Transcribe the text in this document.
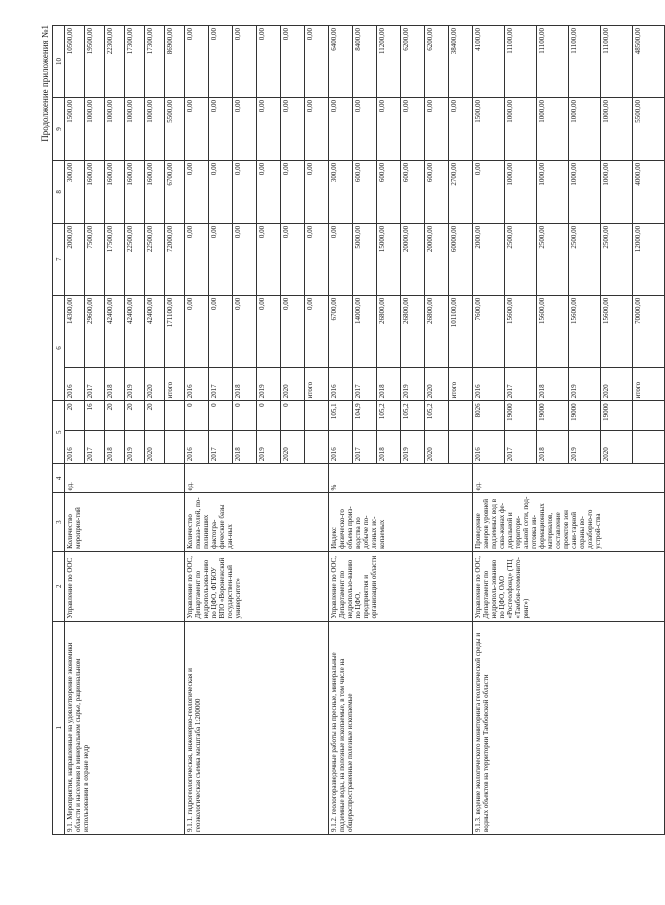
Продолжение приложения №1
1	2	3	4	5		6		7	8	9	10
9.1. Мероприятия, направленные на удовлетворение экономики области и населения в минеральном сырье, рациональном использовании в охране недр	Управление по ООС	Количество мероприя-тий	ед.	2016	20	2016	14300,00	2000,00	300,00	1500,00	10500,00
				2017	16	2017	29600,00	7500,00	1600,00	1000,00	19500,00
				2018	20	2018	42400,00	17500,00	1600,00	1000,00	22300,00
				2019	20	2019	42400,00	22500,00	1600,00	1000,00	17300,00
				2020	20	2020	42400,00	22500,00	1600,00	1000,00	17300,00
						итого	171100,00	72000,00	6700,00	5500,00	86900,00
9.1.1. гидрогеологическая, инженерно-геологическая и геоэкологическая съемка масштаба 1:200000	Управление по ООС, Департамент по недропользова-нию по ЦФО, ФГБОУ ВПО «Воронежский государствен-ный университет»	Количество показа-телей, по-полнивших фактогра-фические базы дан-ных	ед.	2016	0	2016	0,00	0,00	0,00	0,00	0,00
				2017	0	2017	0,00	0,00	0,00	0,00	0,00
				2018	0	2018	0,00	0,00	0,00	0,00	0,00
				2019	0	2019	0,00	0,00	0,00	0,00	0,00
				2020	0	2020	0,00	0,00	0,00	0,00	0,00
						итого	0,00	0,00	0,00	0,00	0,00
9.1.2. геологоразведочные работы на пресные, минеральные подземные воды, на полезные ископаемые, в том числе на общераспространенные полезные ископаемые	Управление по ООС, Департамент по недропользо-ванию по ЦФО, предприятия и организации области	Индекс физическо-го объема произ-водства по добыче по-лезных ис-копаемых	%	2016	105,1	2016	6700,00	0,00	300,00	0,00	6400,00
				2017	104,9	2017	14000,00	5000,00	600,00	0,00	8400,00
				2018	105,2	2018	26800,00	15000,00	600,00	0,00	11200,00
				2019	105,2	2019	26800,00	20000,00	600,00	0,00	6200,00
				2020	105,2	2020	26800,00	20000,00	600,00	0,00	6200,00
						итого	101100,00	60000,00	2700,00	0,00	38400,00
9.1.3. ведение экологического мониторинга геологической среды и водных объектов на территории Тамбовской области	Управление по ООС, Департамент по недрополь-зованию по ЦФО, ОАО «Росгеолфонд» (ТЦ «Тамбов-геомонито-ринг»)	Проведение замеров уровней подземных вод в сква-жинах фе-деральной и территори-альной сети, под-готовка ин-формационных материалов, составление проектов зон сани-тарной охраны во-дозаборно-го устрой-ства	ед.	2016	8026	2016	7600,00	2000,00	0,00	1500,00	4100,00
				2017	19000	2017	15600,00	2500,00	1000,00	1000,00	11100,00
				2018	19000	2018	15600,00	2500,00	1000,00	1000,00	11100,00
				2019	19000	2019	15600,00	2500,00	1000,00	1000,00	11100,00
				2020	19000	2020	15600,00	2500,00	1000,00	1000,00	11100,00
						итого	70000,00	12000,00	4000,00	5500,00	48500,00
